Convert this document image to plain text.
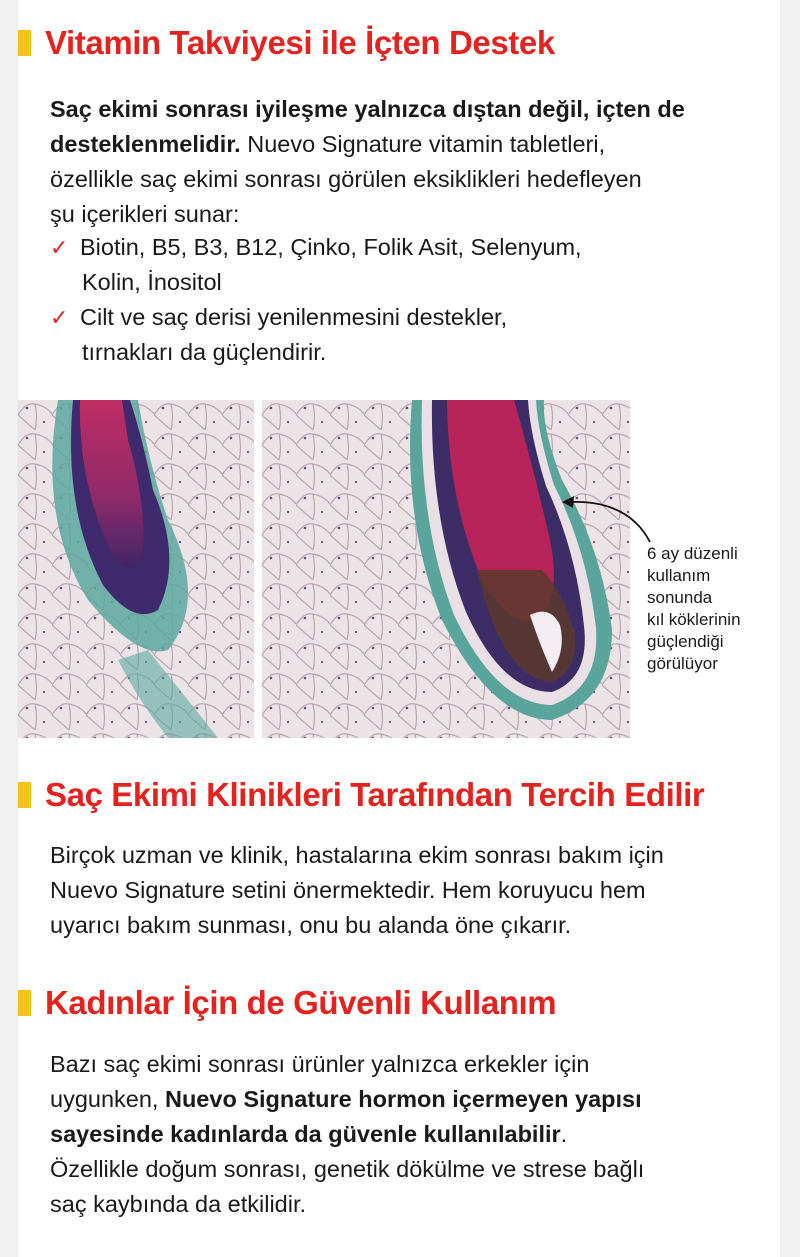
Vitamin Takviyesi ile İçten Destek

Saç ekimi sonrası iyileşme yalnızca dıştan değil, içten de
desteklenmelidir. Nuevo Signature vitamin tabletleri,
özellikle saç ekimi sonrası görülen eksiklikleri hedefleyen
şu içerikleri sunar:

✓ Biotin, B5, B3, B12, Çinko, Folik Asit, Selenyum,
Kolin, İnositol
✓ Cilt ve saç derisi yenilenmesini destekler,
tırnakları da güçlendirir.

6 ay düzenli
kullanım
sonunda
kıl köklerinin
güçlendiği
görülüyor

Saç Ekimi Klinikleri Tarafından Tercih Edilir

Birçok uzman ve klinik, hastalarına ekim sonrası bakım için
Nuevo Signature setini önermektedir. Hem koruyucu hem
uyarıcı bakım sunması, onu bu alanda öne çıkarır.

Kadınlar İçin de Güvenli Kullanım

Bazı saç ekimi sonrası ürünler yalnızca erkekler için
uygunken, Nuevo Signature hormon içermeyen yapısı
sayesinde kadınlarda da güvenle kullanılabilir.
Özellikle doğum sonrası, genetik dökülme ve strese bağlı
saç kaybında da etkilidir.
